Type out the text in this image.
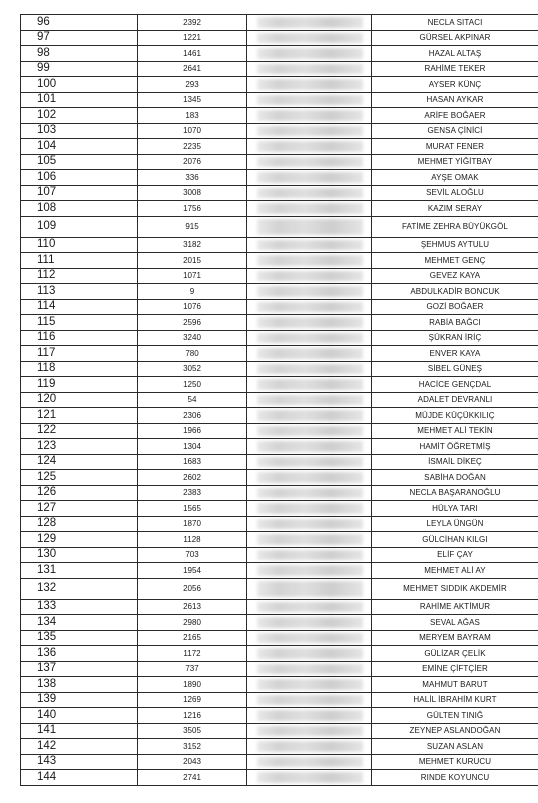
96	2392		NECLA SITACI
97	1221		GÜRSEL AKPINAR
98	1461		HAZAL ALTAŞ
99	2641		RAHİME TEKER
100	293		AYSER KÜNÇ
101	1345		HASAN AYKAR
102	183		ARİFE BOĞAER
103	1070		GENSA ÇİNİCİ
104	2235		MURAT FENER
105	2076		MEHMET YİĞİTBAY
106	336		AYŞE OMAK
107	3008		SEVİL ALOĞLU
108	1756		KAZIM SERAY
109	915		FATİME ZEHRA BÜYÜKGÖL
110	3182		ŞEHMUS AYTULU
111	2015		MEHMET GENÇ
112	1071		GEVEZ KAYA
113	9		ABDULKADİR BONCUK
114	1076		GOZİ BOĞAER
115	2596		RABİA BAĞCI
116	3240		ŞÜKRAN İRİÇ
117	780		ENVER KAYA
118	3052		SİBEL GÜNEŞ
119	1250		HACİCE GENÇDAL
120	54		ADALET DEVRANLI
121	2306		MÜJDE KÜÇÜKKILIÇ
122	1966		MEHMET ALİ TEKİN
123	1304		HAMİT ÖĞRETMİŞ
124	1683		İSMAİL DİKEÇ
125	2602		SABİHA DOĞAN
126	2383		NECLA BAŞARANOĞLU
127	1565		HÜLYA TARI
128	1870		LEYLA ÜNGÜN
129	1128		GÜLCİHAN KILGI
130	703		ELİF ÇAY
131	1954		MEHMET ALİ AY
132	2056		MEHMET SIDDIK AKDEMİR
133	2613		RAHİME AKTİMUR
134	2980		SEVAL AĞAS
135	2165		MERYEM BAYRAM
136	1172		GÜLİZAR ÇELİK
137	737		EMİNE ÇİFTÇİER
138	1890		MAHMUT BARUT
139	1269		HALİL İBRAHİM KURT
140	1216		GÜLTEN TINIĞ
141	3505		ZEYNEP ASLANDOĞAN
142	3152		SUZAN ASLAN
143	2043		MEHMET KURUCU
144	2741		RINDE KOYUNCU
